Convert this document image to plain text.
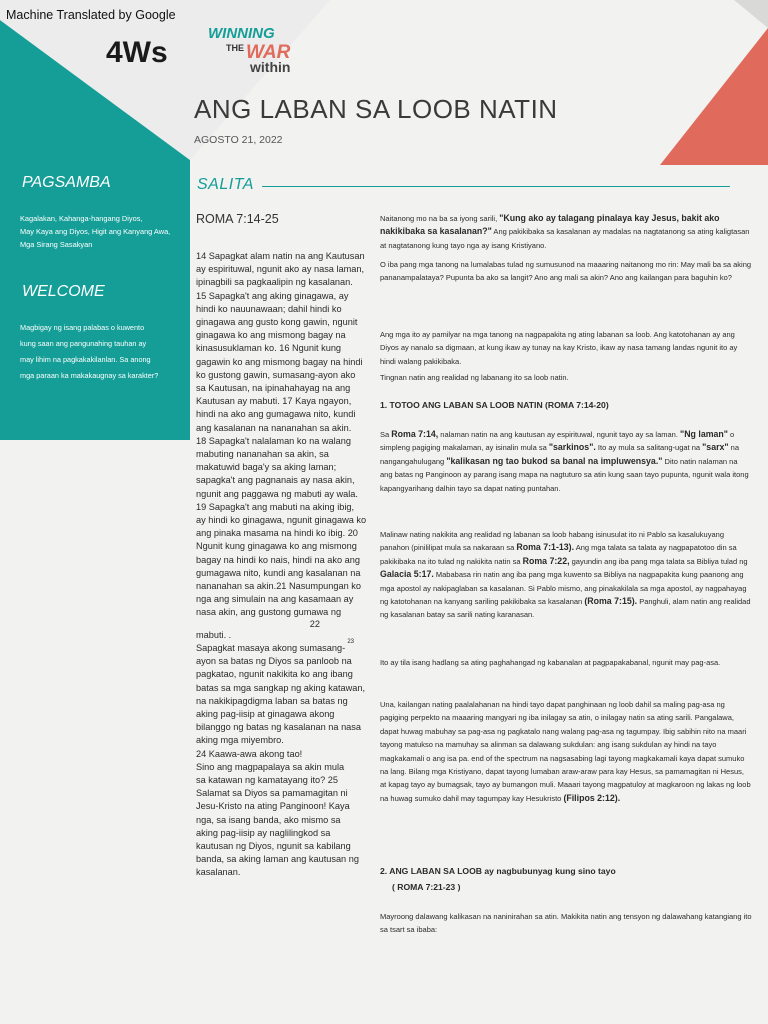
Machine Translated by Google
4Ws
WINNING
THE WAR
within
ANG LABAN SA LOOB NATIN
AGOSTO 21, 2022
PAGSAMBA
Kagalakan, Kahanga-hangang Diyos,
May Kaya ang Diyos, Higit ang Kanyang Awa,
Mga Sirang Sasakyan
WELCOME
Magbigay ng isang palabas o kuwento
kung saan ang pangunahing tauhan ay
may lihim na pagkakakilanlan. Sa anong
mga paraan ka makakaugnay sa karakter?
SALITA
ROMA 7:14-25
14 Sapagkat alam natin na ang Kautusan
ay espirituwal, ngunit ako ay nasa laman,
ipinagbili sa pagkaalipin ng kasalanan.
15 Sapagka't ang aking ginagawa, ay
hindi ko nauunawaan; dahil hindi ko
ginagawa ang gusto kong gawin, ngunit
ginagawa ko ang mismong bagay na
kinasusuklaman ko. 16 Ngunit kung
gagawin ko ang mismong bagay na hindi
ko gustong gawin, sumasang-ayon ako
sa Kautusan, na ipinahahayag na ang
Kautusan ay mabuti. 17 Kaya ngayon,
hindi na ako ang gumagawa nito, kundi
ang kasalanan na nananahan sa akin.
18 Sapagka't nalalaman ko na walang
mabuting nananahan sa akin, sa
makatuwid baga'y sa aking laman;
sapagka't ang pagnanais ay nasa akin,
ngunit ang paggawa ng mabuti ay wala.
19 Sapagka't ang mabuti na aking ibig,
ay hindi ko ginagawa, ngunit ginagawa ko
ang pinaka masama na hindi ko ibig. 20
Ngunit kung ginagawa ko ang mismong
bagay na hindi ko nais, hindi na ako ang
gumagawa nito, kundi ang kasalanan na
nananahan sa akin.21 Nasumpungan ko
nga ang simulain na ang kasamaan ay
nasa akin, ang gustong gumawa ng
22
mabuti. .
Sapagkat masaya akong sumasang-
23
ayon sa batas ng Diyos sa panloob na
pagkatao, ngunit nakikita ko ang ibang
batas sa mga sangkap ng aking katawan,
na nakikipagdigma laban sa batas ng
aking pag-iisip at ginagawa akong
bilanggo ng batas ng kasalanan na nasa
aking mga miyembro.
24 Kaawa-awa akong tao!
Sino ang magpapalaya sa akin mula
sa katawan ng kamatayang ito? 25
Salamat sa Diyos sa pamamagitan ni
Jesu-Kristo na ating Panginoon! Kaya
nga, sa isang banda, ako mismo sa
aking pag-iisip ay naglilingkod sa
kautusan ng Diyos, ngunit sa kabilang
banda, sa aking laman ang kautusan ng
kasalanan.
Naitanong mo na ba sa iyong sarili, "Kung ako ay talagang pinalaya kay Jesus, bakit ako nakikibaka sa kasalanan?" Ang pakikibaka sa kasalanan ay madalas na nagtatanong sa ating kaligtasan at nagtatanong kung tayo nga ay isang Kristiyano.
O iba pang mga tanong na lumalabas tulad ng sumusunod na maaaring naitanong mo rin: May mali ba sa aking pananampalataya? Pupunta ba ako sa langit? Ano ang mali sa akin? Ano ang kailangan para baguhin ko?
Ang mga ito ay pamilyar na mga tanong na nagpapakita ng ating labanan sa loob. Ang katotohanan ay ang Diyos ay nanalo sa digmaan, at kung ikaw ay tunay na kay Kristo, ikaw ay nasa tamang landas ngunit ito ay hindi walang pakikibaka.
Tingnan natin ang realidad ng labanang ito sa loob natin.
1. TOTOO ANG LABAN SA LOOB NATIN (ROMA 7:14-20)
Sa Roma 7:14, nalaman natin na ang kautusan ay espirituwal, ngunit tayo ay sa laman. "Ng laman" o simpleng pagiging makalaman, ay isinalin mula sa "sarkinos". Ito ay mula sa salitang-ugat na "sarx" na nangangahulugang "kalikasan ng tao bukod sa banal na impluwensya." Dito natin nalaman na ang batas ng Panginoon ay parang isang mapa na nagtuturo sa atin kung saan tayo pupunta, ngunit wala itong kapangyarihang dalhin tayo sa dapat nating puntahan.
Malinaw nating nakikita ang realidad ng labanan sa loob habang isinusulat ito ni Pablo sa kasalukuyang panahon (pinililipat mula sa nakaraan sa Roma 7:1-13). Ang mga talata sa talata ay nagpapatotoo din sa pakikibaka na ito tulad ng nakikita natin sa Roma 7:22, gayundin ang iba pang mga talata sa Bibliya tulad ng Galacia 5:17. Mababasa rin natin ang iba pang mga kuwento sa Bibliya na nagpapakita kung paanong ang mga apostol ay nakipaglaban sa kasalanan. Si Pablo mismo, ang pinakakilala sa mga apostol, ay nagpahayag ng katotohanan na kanyang sariling pakikibaka sa kasalanan (Roma 7:15). Panghuli, alam natin ang realidad ng kasalanan batay sa sarili nating karanasan.
Ito ay tila isang hadlang sa ating paghahangad ng kabanalan at pagpapakabanal, ngunit may pag-asa.
Una, kailangan nating paalalahanan na hindi tayo dapat panghinaan ng loob dahil sa maling pag-asa ng pagiging perpekto na maaaring mangyari ng iba inilagay sa atin, o inilagay natin sa ating sarili. Pangalawa, dapat huwag mabuhay sa pag-asa ng pagkatalo nang walang pag-asa ng tagumpay. Ibig sabihin nito na maari tayong matukso na mamuhay sa alinman sa dalawang sukdulan: ang isang sukdulan ay hindi na tayo magkakamali o ang isa pa. end of the spectrum na nagsasabing lagi tayong magkakamali kaya dapat sumuko na lang. Bilang mga Kristiyano, dapat tayong lumaban araw-araw para kay Hesus, sa pamamagitan ni Hesus, at kapag tayo ay bumagsak, tayo ay bumangon muli. Maaari tayong magpatuloy at magkaroon ng lakas ng loob na huwag sumuko dahil may tagumpay kay Hesukristo (Filipos 2:12).
2. ANG LABAN SA LOOB ay nagbubunyag kung sino tayo
( ROMA 7:21-23 )
Mayroong dalawang kalikasan na naninirahan sa atin. Makikita natin ang tensyon ng dalawahang katangiang ito sa tsart sa ibaba:
